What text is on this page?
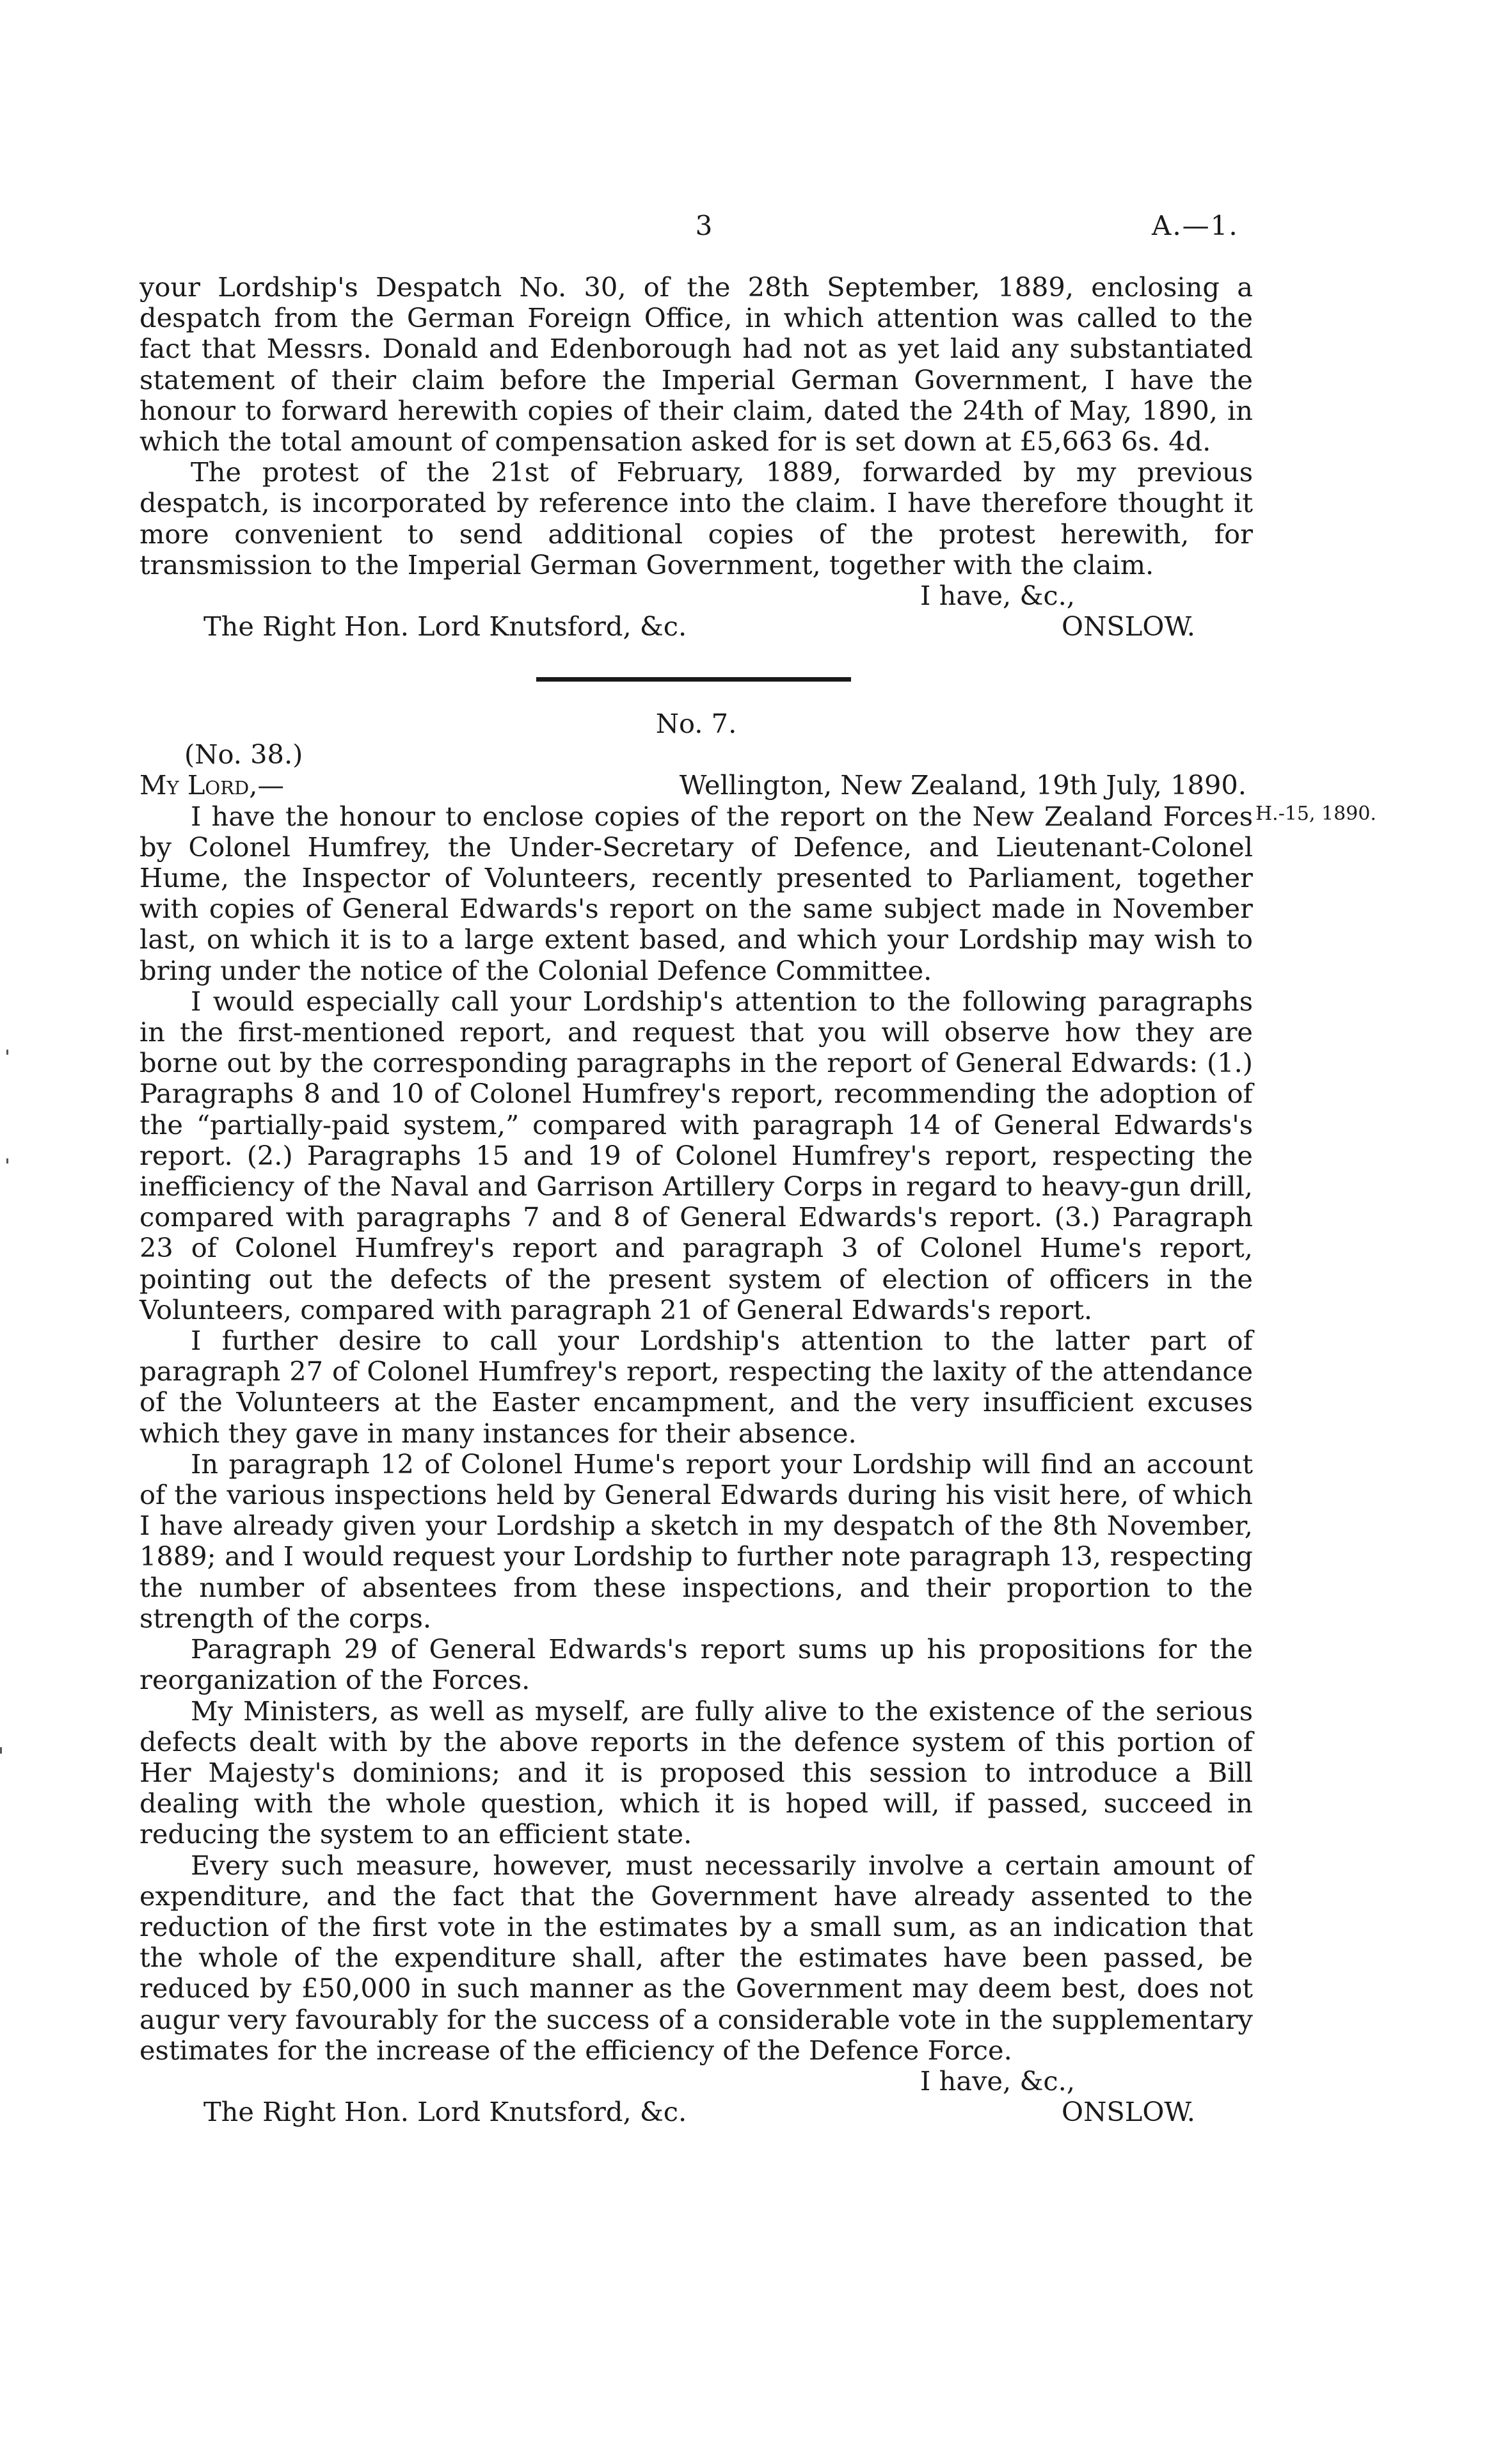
3	A.—1.

your Lordship's Despatch No. 30, of the 28th September, 1889, enclosing a despatch from the German Foreign Office, in which attention was called to the fact that Messrs. Donald and Edenborough had not as yet laid any substantiated statement of their claim before the Imperial German Government, I have the honour to forward herewith copies of their claim, dated the 24th of May, 1890, in which the total amount of compensation asked for is set down at £5,663 6s. 4d.

The protest of the 21st of February, 1889, forwarded by my previous despatch, is incorporated by reference into the claim. I have therefore thought it more convenient to send additional copies of the protest herewith, for transmission to the Imperial German Government, together with the claim.

I have, &c.,

The Right Hon. Lord Knutsford, &c.	ONSLOW.

No. 7.

(No. 38.)

My Lord,—	Wellington, New Zealand, 19th July, 1890.

I have the honour to enclose copies of the report on the New Zealand Forces by Colonel Humfrey, the Under-Secretary of Defence, and Lieutenant-Colonel Hume, the Inspector of Volunteers, recently presented to Parliament, together with copies of General Edwards's report on the same subject made in November last, on which it is to a large extent based, and which your Lordship may wish to bring under the notice of the Colonial Defence Committee.

I would especially call your Lordship's attention to the following paragraphs in the first-mentioned report, and request that you will observe how they are borne out by the corresponding paragraphs in the report of General Edwards: (1.) Paragraphs 8 and 10 of Colonel Humfrey's report, recommending the adoption of the “partially-paid system,” compared with paragraph 14 of General Edwards's report. (2.) Paragraphs 15 and 19 of Colonel Humfrey's report, respecting the inefficiency of the Naval and Garrison Artillery Corps in regard to heavy-gun drill, compared with paragraphs 7 and 8 of General Edwards's report. (3.) Paragraph 23 of Colonel Humfrey's report and paragraph 3 of Colonel Hume's report, pointing out the defects of the present system of election of officers in the Volunteers, compared with paragraph 21 of General Edwards's report.

I further desire to call your Lordship's attention to the latter part of paragraph 27 of Colonel Humfrey's report, respecting the laxity of the attendance of the Volunteers at the Easter encampment, and the very insufficient excuses which they gave in many instances for their absence.

In paragraph 12 of Colonel Hume's report your Lordship will find an account of the various inspections held by General Edwards during his visit here, of which I have already given your Lordship a sketch in my despatch of the 8th November, 1889; and I would request your Lordship to further note paragraph 13, respecting the number of absentees from these inspections, and their proportion to the strength of the corps.

Paragraph 29 of General Edwards's report sums up his propositions for the reorganization of the Forces.

My Ministers, as well as myself, are fully alive to the existence of the serious defects dealt with by the above reports in the defence system of this portion of Her Majesty's dominions; and it is proposed this session to introduce a Bill dealing with the whole question, which it is hoped will, if passed, succeed in reducing the system to an efficient state.

Every such measure, however, must necessarily involve a certain amount of expenditure, and the fact that the Government have already assented to the reduction of the first vote in the estimates by a small sum, as an indication that the whole of the expenditure shall, after the estimates have been passed, be reduced by £50,000 in such manner as the Government may deem best, does not augur very favourably for the success of a considerable vote in the supplementary estimates for the increase of the efficiency of the Defence Force.

I have, &c.,

The Right Hon. Lord Knutsford, &c.	ONSLOW.
H.-15, 1890.
